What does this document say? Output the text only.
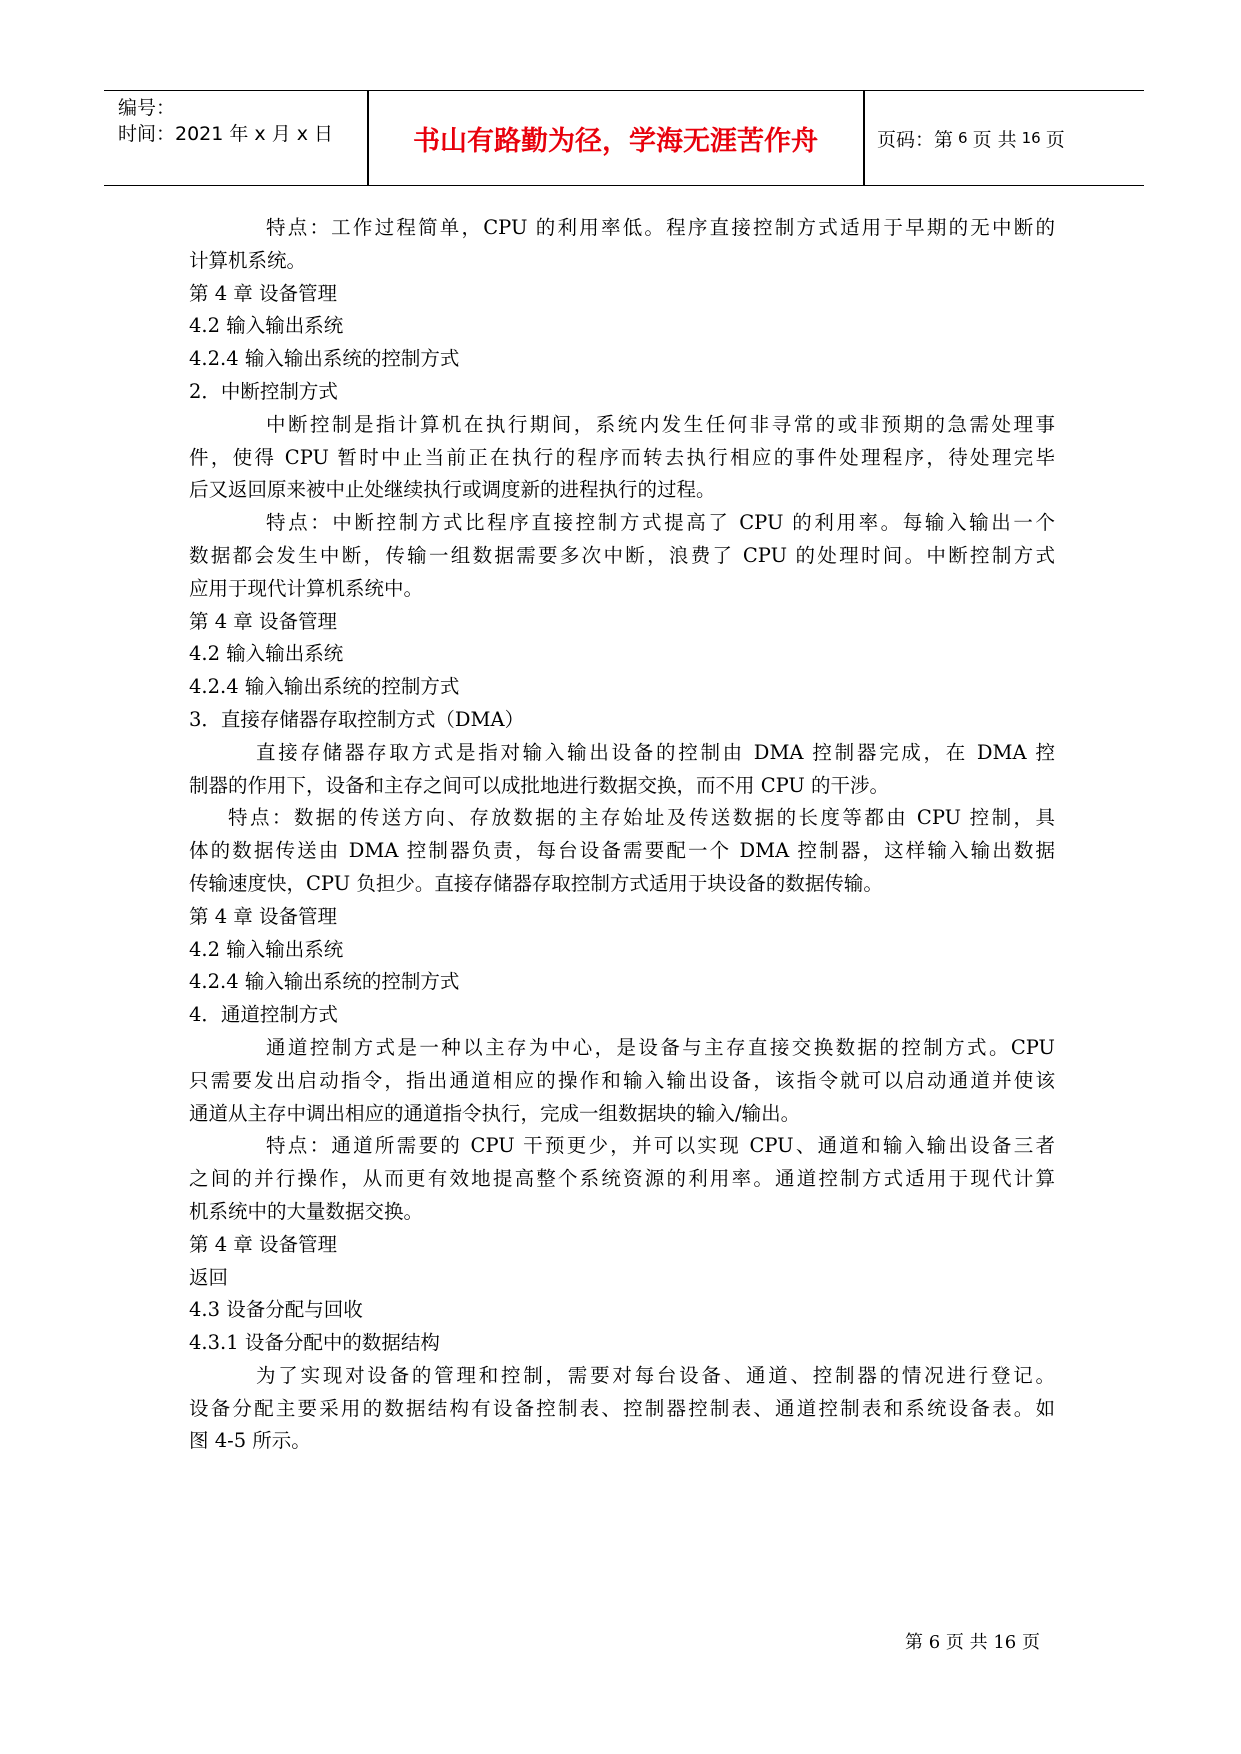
编号：
时间：2021 年 x 月 x 日	书山有路勤为径，学海无涯苦作舟	页码：第 6 页 共 16 页
特点：工作过程简单，CPU 的利用率低。程序直接控制方式适用于早期的无中断的
计算机系统。
第 4 章 设备管理
4.2 输入输出系统
4.2.4 输入输出系统的控制方式
2．中断控制方式
中断控制是指计算机在执行期间，系统内发生任何非寻常的或非预期的急需处理事
件，使得 CPU 暂时中止当前正在执行的程序而转去执行相应的事件处理程序，待处理完毕
后又返回原来被中止处继续执行或调度新的进程执行的过程。
特点：中断控制方式比程序直接控制方式提高了 CPU 的利用率。每输入输出一个
数据都会发生中断，传输一组数据需要多次中断，浪费了 CPU 的处理时间。中断控制方式
应用于现代计算机系统中。
第 4 章 设备管理
4.2 输入输出系统
4.2.4 输入输出系统的控制方式
3．直接存储器存取控制方式（DMA）
直接存储器存取方式是指对输入输出设备的控制由 DMA 控制器完成，在 DMA 控
制器的作用下，设备和主存之间可以成批地进行数据交换，而不用 CPU 的干涉。
特点：数据的传送方向、存放数据的主存始址及传送数据的长度等都由 CPU 控制，具
体的数据传送由 DMA 控制器负责，每台设备需要配一个 DMA 控制器，这样输入输出数据
传输速度快，CPU 负担少。直接存储器存取控制方式适用于块设备的数据传输。
第 4 章 设备管理
4.2 输入输出系统
4.2.4 输入输出系统的控制方式
4．通道控制方式
通道控制方式是一种以主存为中心，是设备与主存直接交换数据的控制方式。CPU
只需要发出启动指令，指出通道相应的操作和输入输出设备，该指令就可以启动通道并使该
通道从主存中调出相应的通道指令执行，完成一组数据块的输入/输出。
特点：通道所需要的 CPU 干预更少，并可以实现 CPU、通道和输入输出设备三者
之间的并行操作，从而更有效地提高整个系统资源的利用率。通道控制方式适用于现代计算
机系统中的大量数据交换。
第 4 章 设备管理
返回
4.3 设备分配与回收
4.3.1 设备分配中的数据结构
为了实现对设备的管理和控制，需要对每台设备、通道、控制器的情况进行登记。
设备分配主要采用的数据结构有设备控制表、控制器控制表、通道控制表和系统设备表。如
图 4-5 所示。
第 6 页 共 16 页
